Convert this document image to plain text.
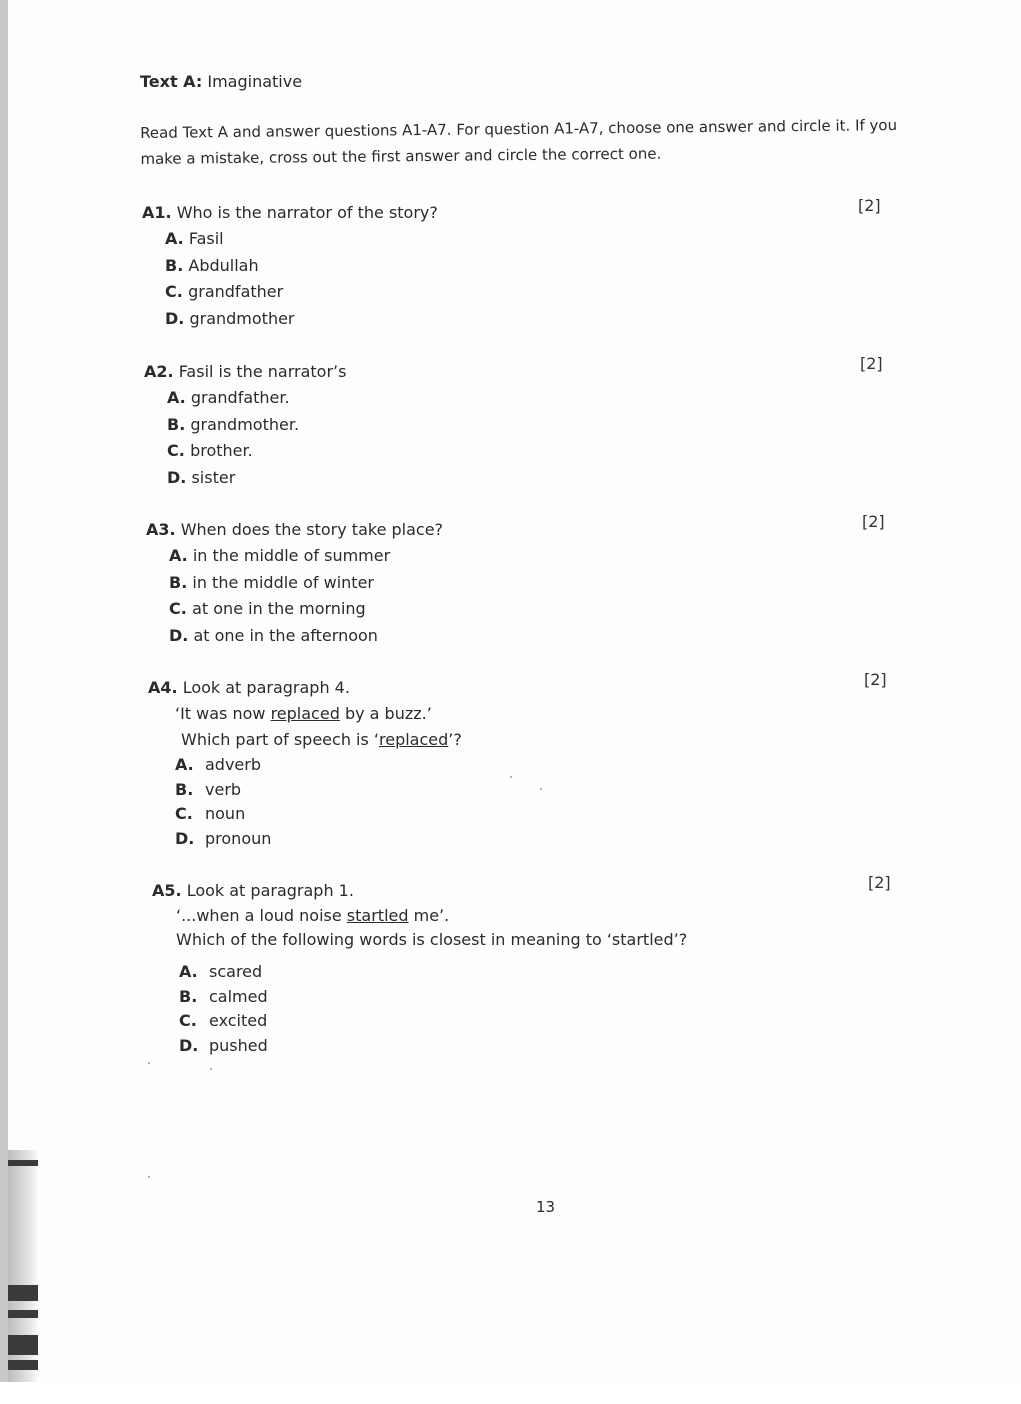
Text A: Imaginative
Read Text A and answer questions A1-A7. For question A1-A7, choose one answer and circle it. If you make a mistake, cross out the first answer and circle the correct one.
A1. Who is the narrator of the story?
A. Fasil
B. Abdullah
C. grandfather
D. grandmother
[2]
A2. Fasil is the narrator’s
A. grandfather.
B. grandmother.
C. brother.
D. sister
[2]
A3. When does the story take place?
A. in the middle of summer
B. in the middle of winter
C. at one in the morning
D. at one in the afternoon
[2]
A4. Look at paragraph 4.
‘It was now replaced by a buzz.’
Which part of speech is ‘replaced’?
A. adverb
B. verb
C. noun
D. pronoun
[2]
A5. Look at paragraph 1.
‘...when a loud noise startled me’.
Which of the following words is closest in meaning to ‘startled’?
A. scared
B. calmed
C. excited
D. pushed
[2]
13
